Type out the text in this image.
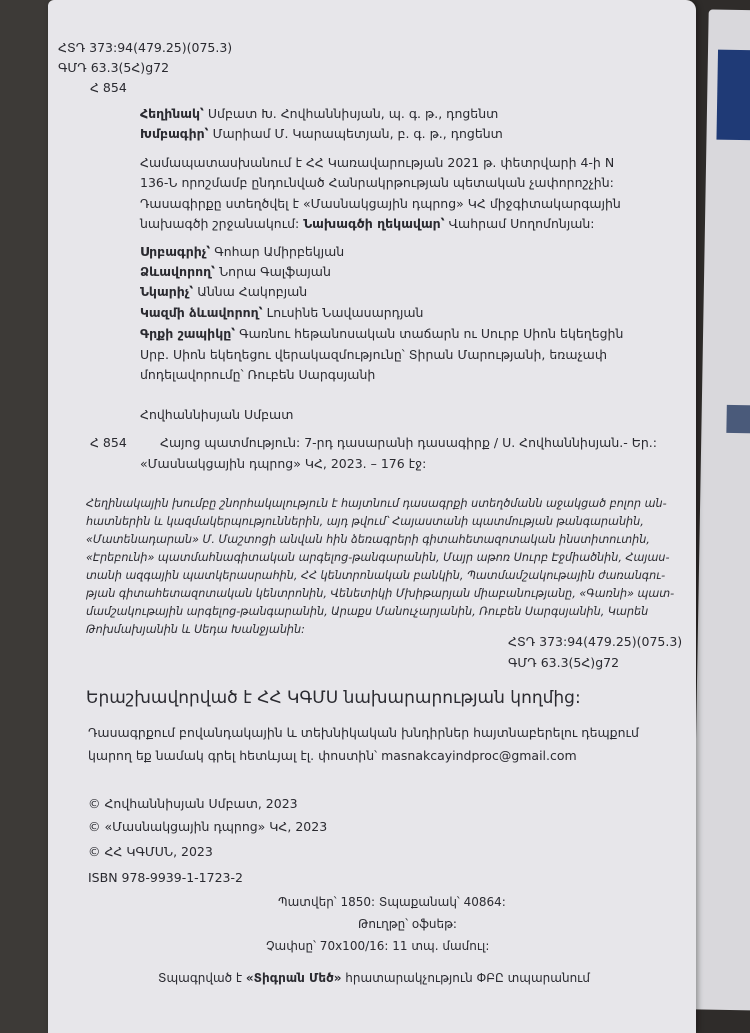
ՀՏԴ 373:94(479.25)(075.3)
ԳՄԴ 63.3(5Հ)g72
Հ 854
Հեղինակ՝ Սմբատ Խ. Հովհաննիսյան, պ. գ. թ., դոցենտ
Խմբագիր՝ Մարիամ Մ. Կարապետյան, բ. գ. թ., դոցենտ
Համապատասխանում է ՀՀ Կառավարության 2021 թ. փետրվարի 4-ի N
136-Ն որոշմամբ ընդունված Հանրակրթության պետական չափորոշչին:
Դասագիրքը ստեղծվել է «Մասնակցային դպրոց» ԿՀ միջգիտակարգային
նախագծի շրջանակում: Նախագծի ղեկավար՝ Վահրամ Սողոմոնյան:
Սրբագրիչ՝ Գոհար Ամիրբեկյան
Ձևավորող՝ Նորա Գալֆայան
Նկարիչ՝ Աննա Հակոբյան
Կազմի ձևավորող՝ Լուսինե Նավասարդյան
Գրքի շապիկը՝ Գառնու հեթանոսական տաճարն ու Սուրբ Սիոն եկեղեցին
Սրբ. Սիոն եկեղեցու վերակազմությունը՝ Տիրան Մարությանի, եռաչափ
մոդելավորումը՝ Ռուբեն Սարգսյանի
Հովհաննիսյան Սմբատ
Հ 854	Հայոց պատմություն: 7-րդ դասարանի դասագիրք / Ս. Հովհաննիսյան.- Եր.:
«Մասնակցային դպրոց» ԿՀ, 2023. – 176 էջ:
Հեղինակային խումբը շնորհակալություն է հայտնում դասագրքի ստեղծմանն աջակցած բոլոր ան-
հատներին և կազմակերպություններին, այդ թվում՝ Հայաստանի պատմության թանգարանին,
«Մատենադարան» Մ. Մաշտոցի անվան հին ձեռագրերի գիտահետազոտական ինստիտուտին,
«Էրեբունի» պատմահնագիտական արգելոց-թանգարանին, Մայր աթոռ Սուրբ Էջմիածնին, Հայաս-
տանի ազգային պատկերասրահին, ՀՀ կենտրոնական բանկին, Պատմամշակութային ժառանգու-
թյան գիտահետազոտական կենտրոնին, Վենետիկի Մխիթարյան միաբանությանը, «Գառնի» պատ-
մամշակութային արգելոց-թանգարանին, Արաքս Մանուչարյանին, Ռուբեն Սարգսյանին, Կարեն
Թոխմախյանին և Սեդա Խանջյանին:
ՀՏԴ 373:94(479.25)(075.3)
ԳՄԴ 63.3(5Հ)g72
Երաշխավորված է ՀՀ ԿԳՄՍ նախարարության կողմից:
Դասագրքում բովանդակային և տեխնիկական խնդիրներ հայտնաբերելու դեպքում
կարող եք նամակ գրել հետևյալ էլ. փոստին՝ masnakcayindproc@gmail.com
© Հովհաննիսյան Սմբատ, 2023
© «Մասնակցային դպրոց» ԿՀ, 2023
© ՀՀ ԿԳՄՍՆ, 2023
ISBN 978-9939-1-1723-2
Պատվեր՝ 1850: Տպաքանակ՝ 40864:
Թուղթը՝ օֆսեթ:
Չափսը՝ 70x100/16: 11 տպ. մամուլ:
Տպագրված է «Տիգրան Մեծ» հրատարակչություն ՓԲԸ տպարանում
